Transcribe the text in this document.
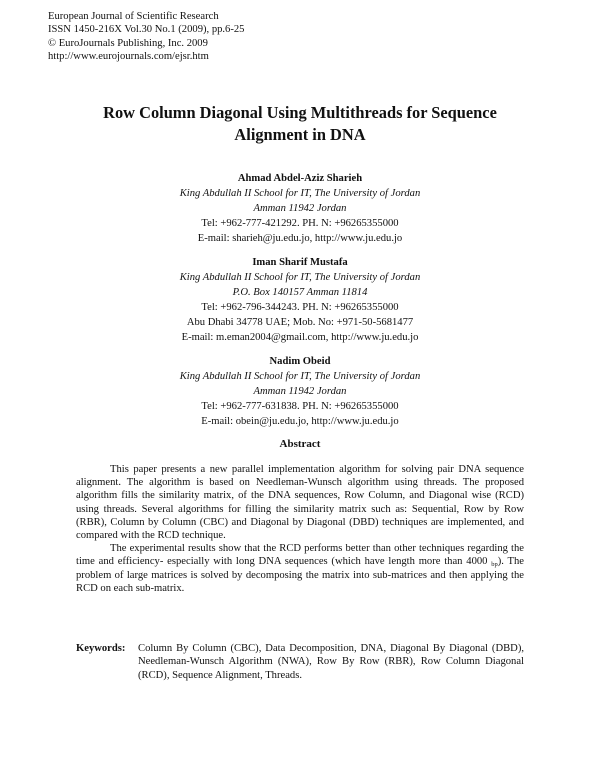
European Journal of Scientific Research
ISSN 1450-216X Vol.30 No.1 (2009), pp.6-25
© EuroJournals Publishing, Inc. 2009
http://www.eurojournals.com/ejsr.htm
Row Column Diagonal Using Multithreads for Sequence
Alignment in DNA
Ahmad Abdel-Aziz Sharieh
King Abdullah II School for IT, The University of Jordan
Amman 11942 Jordan
Tel: +962-777-421292. PH. N: +96265355000
E-mail: sharieh@ju.edu.jo, http://www.ju.edu.jo
Iman Sharif Mustafa
King Abdullah II School for IT, The University of Jordan
P.O. Box 140157 Amman 11814
Tel: +962-796-344243. PH. N: +96265355000
Abu Dhabi 34778 UAE; Mob. No: +971-50-5681477
E-mail: m.eman2004@gmail.com, http://www.ju.edu.jo
Nadim Obeid
King Abdullah II School for IT, The University of Jordan
Amman 11942 Jordan
Tel: +962-777-631838. PH. N: +96265355000
E-mail: obein@ju.edu.jo, http://www.ju.edu.jo
Abstract

This paper presents a new parallel implementation algorithm for solving pair DNA sequence alignment. The algorithm is based on Needleman-Wunsch algorithm using threads. The proposed algorithm fills the similarity matrix, of the DNA sequences, Row Column, and Diagonal wise (RCD) using threads. Several algorithms for filling the similarity matrix such as: Sequential, Row by Row (RBR), Column by Column (CBC) and Diagonal by Diagonal (DBD) techniques are implemented, and compared with the RCD technique.

The experimental results show that the RCD performs better than other techniques regarding the time and efficiency- especially with long DNA sequences (which have length more than 4000 $_{bp}$). The problem of large matrices is solved by decomposing the matrix into sub-matrices and then applying the RCD on each sub-matrix.

Keywords:	Column By Column (CBC), Data Decomposition, DNA, Diagonal By Diagonal (DBD), Needleman-Wunsch Algorithm (NWA), Row By Row (RBR), Row Column Diagonal (RCD), Sequence Alignment, Threads.
